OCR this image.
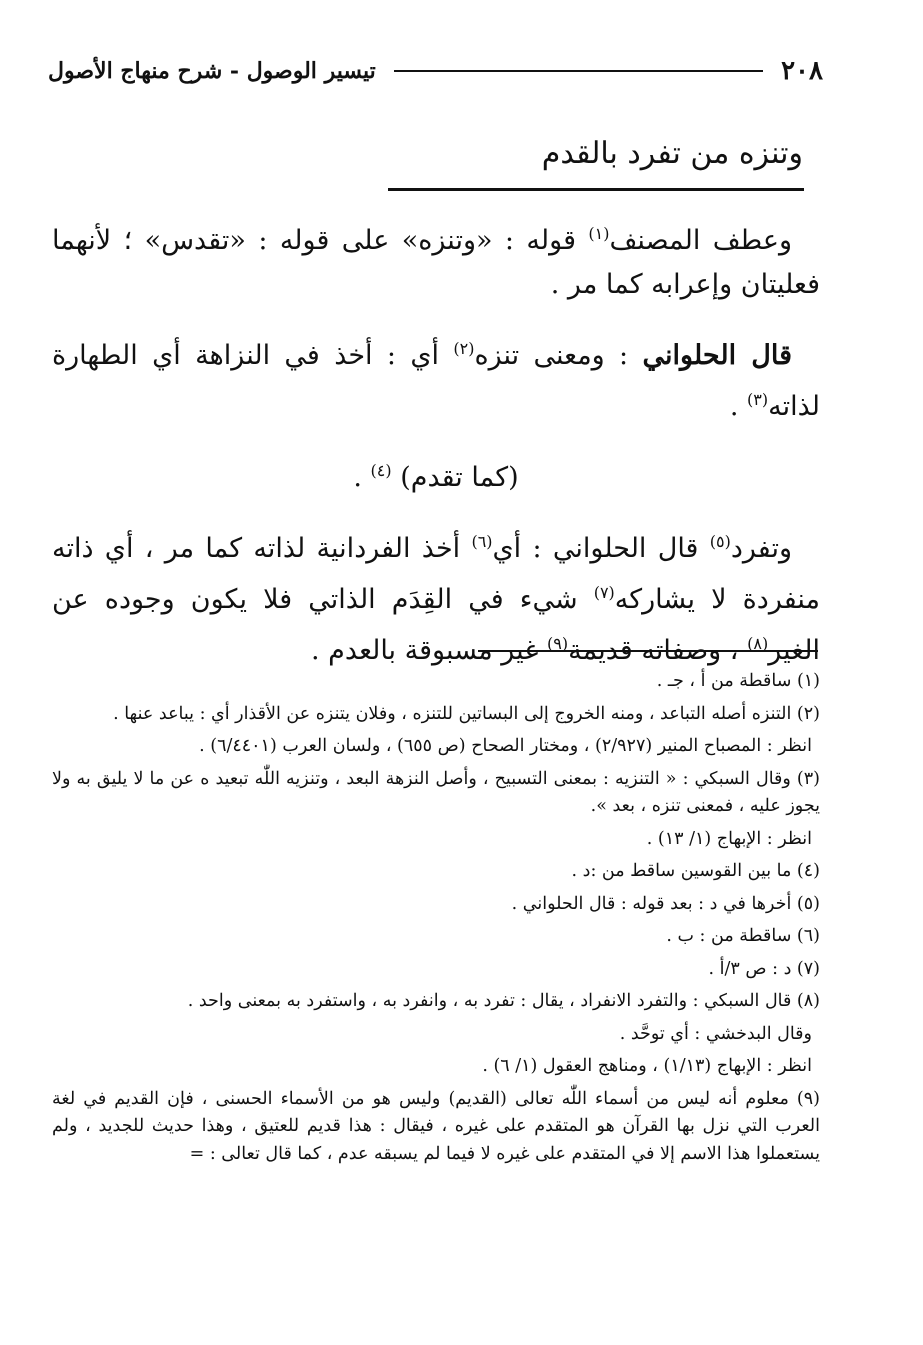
٢٠٨
تيسير الوصول - شرح منهاج الأصول
وتنزه من تفرد بالقدم

وعطف المصنف$^{(١)}$ قوله : «وتنزه» على قوله : «تقدس» ؛ لأنهما فعليتان وإعرابه كما مر .

قال الحلواني : ومعنى تنزه$^{(٢)}$ أي : أخذ في النزاهة أي الطهارة لذاته$^{(٣)}$ .

(كما تقدم) $^{(٤)}$ .

وتفرد$^{(٥)}$ قال الحلواني : أي$^{(٦)}$ أخذ الفردانية لذاته كما مر ، أي ذاته منفردة لا يشاركه$^{(٧)}$ شيء في القِدَم الذاتي فلا يكون وجوده عن الغير$^{(٨)}$ ، وصفاته قديمة$^{(٩)}$ غير مسبوقة بالعدم .

(١) ساقطة من أ ، جـ .
(٢) التنزه أصله التباعد ، ومنه الخروج إلى البساتين للتنزه ، وفلان يتنزه عن الأقذار أي : يباعد عنها .
انظر : المصباح المنير (٢/٩٢٧) ، ومختار الصحاح (ص ٦٥٥) ، ولسان العرب (٦/٤٤٠١) .
(٣) وقال السبكي : « التنزيه : بمعنى التسبيح ، وأصل النزهة البعد ، وتنزيه اللّٰه تبعيد ه عن ما لا يليق به ولا يجوز عليه ، فمعنى تنزه ، بعد ».
انظر : الإبهاج (١/ ١٣) .
(٤) ما بين القوسين ساقط من :د .
(٥) أخرها في د : بعد قوله : قال الحلواني .
(٦) ساقطة من : ب .
(٧) د : ص ٣/أ .
(٨) قال السبكي : والتفرد الانفراد ، يقال : تفرد به ، وانفرد به ، واستفرد به بمعنى واحد .
وقال البدخشي : أي توحَّد .
انظر : الإبهاج (١/١٣) ، ومناهج العقول (١/ ٦) .
(٩) معلوم أنه ليس من أسماء اللّٰه تعالى (القديم) وليس هو من الأسماء الحسنى ، فإن القديم في لغة العرب التي نزل بها القرآن هو المتقدم على غيره ، فيقال : هذا قديم للعتيق ، وهذا حديث للجديد ، ولم يستعملوا هذا الاسم إلا في المتقدم على غيره لا فيما لم يسبقه عدم ، كما قال تعالى : =
